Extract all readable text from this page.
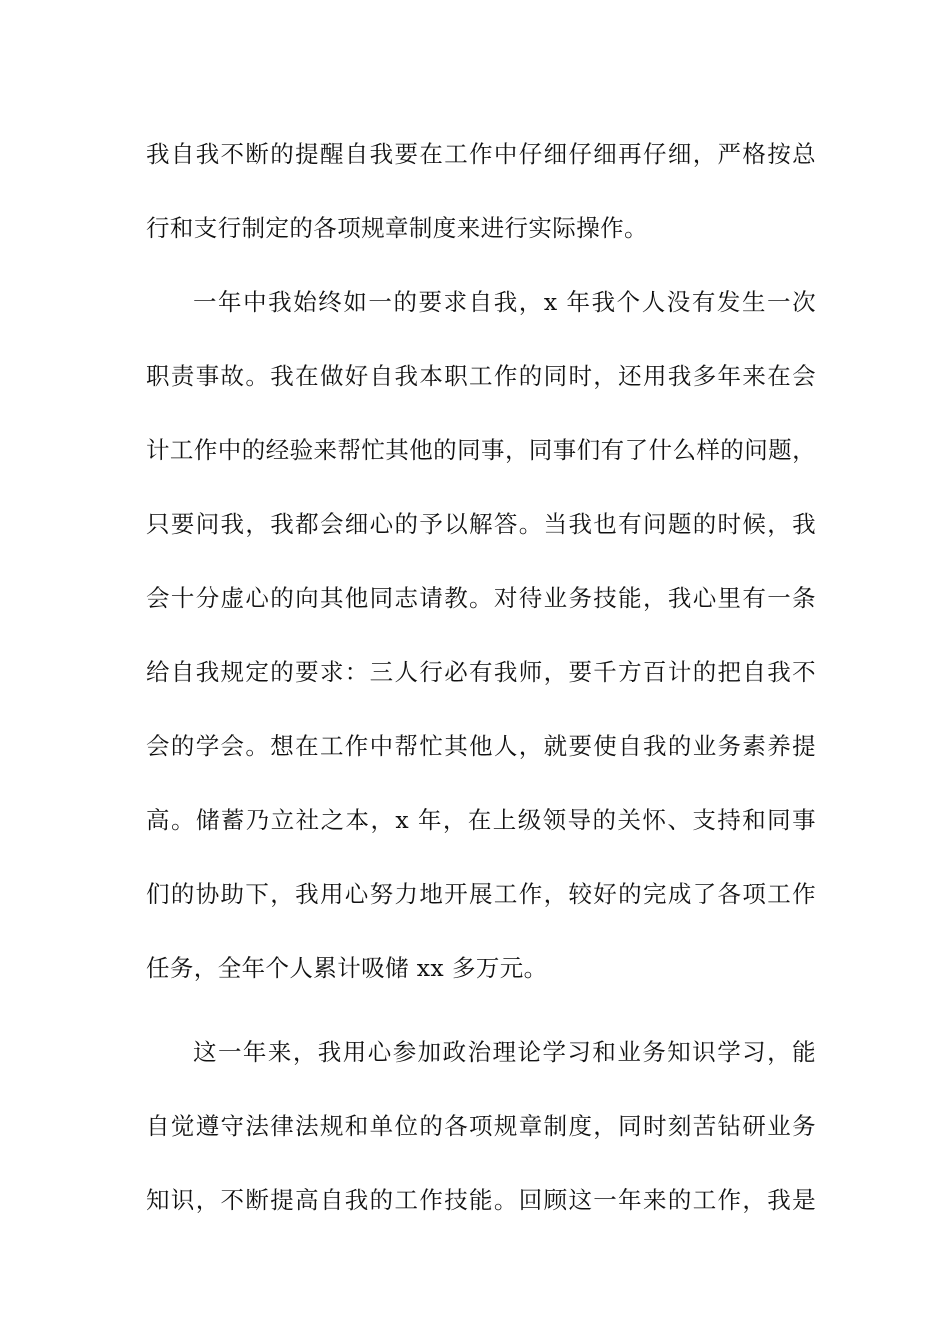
我自我不断的提醒自我要在工作中仔细仔细再仔细，严格按总
行和支行制定的各项规章制度来进行实际操作。
一年中我始终如一的要求自我，x 年我个人没有发生一次
职责事故。我在做好自我本职工作的同时，还用我多年来在会
计工作中的经验来帮忙其他的同事，同事们有了什么样的问题，
只要问我，我都会细心的予以解答。当我也有问题的时候，我
会十分虚心的向其他同志请教。对待业务技能，我心里有一条
给自我规定的要求：三人行必有我师，要千方百计的把自我不
会的学会。想在工作中帮忙其他人，就要使自我的业务素养提
高。储蓄乃立社之本，x 年，在上级领导的关怀、支持和同事
们的协助下，我用心努力地开展工作，较好的完成了各项工作
任务，全年个人累计吸储 xx 多万元。
这一年来，我用心参加政治理论学习和业务知识学习，能
自觉遵守法律法规和单位的各项规章制度，同时刻苦钻研业务
知识，不断提高自我的工作技能。回顾这一年来的工作，我是
